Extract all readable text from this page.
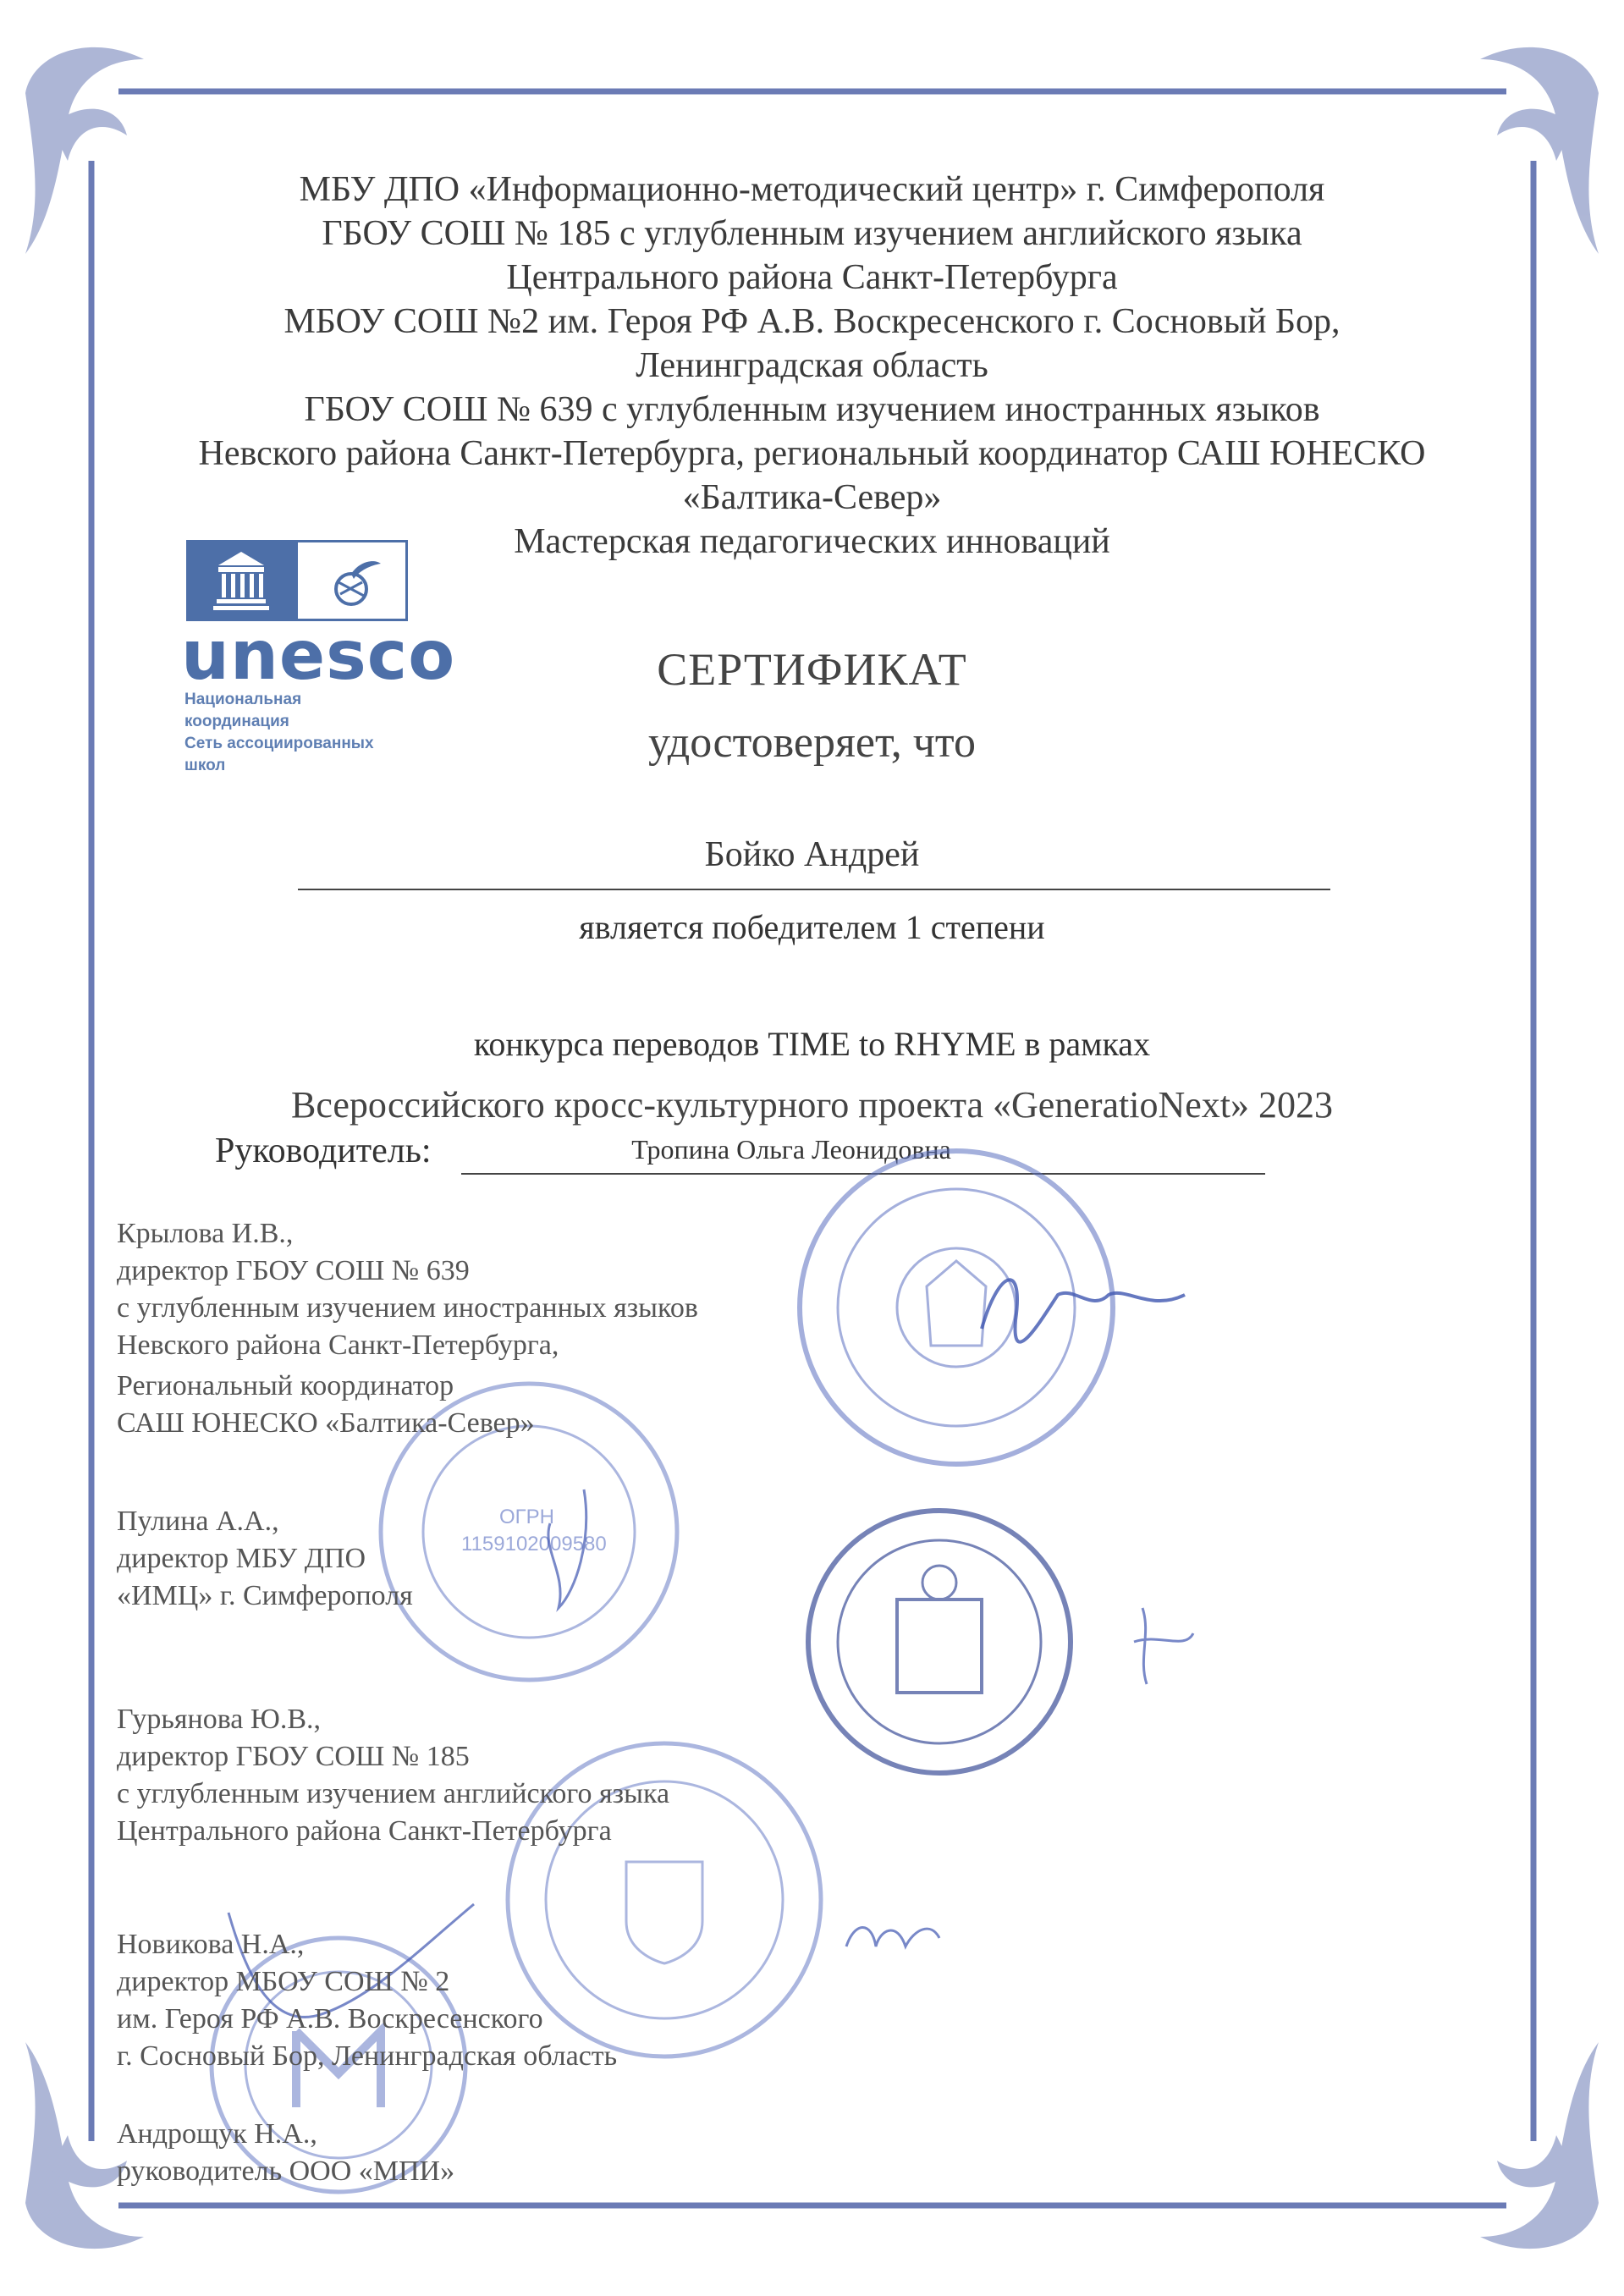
МБУ ДПО «Информационно-методический центр» г. Симферополя
ГБОУ СОШ № 185 с углубленным изучением английского языка
Центрального района Санкт-Петербурга
МБОУ СОШ №2 им. Героя РФ А.В. Воскресенского г. Сосновый Бор,
Ленинградская область
ГБОУ СОШ № 639 с углубленным изучением иностранных языков
Невского района Санкт-Петербурга, региональный координатор САШ ЮНЕСКО
«Балтика-Север»
Мастерская педагогических инноваций
unesco
Национальная
координация
Сеть ассоциированных
школ
СЕРТИФИКАТ
удостоверяет, что
Бойко Андрей
является победителем 1 степени
конкурса переводов TIME to RHYME в рамках
Всероссийского кросс-культурного проекта «GeneratioNext» 2023
Руководитель:	Тропина Ольга Леонидовна
ОГРН
1159102009580
Крылова И.В.,
директор ГБОУ СОШ № 639
с углубленным изучением иностранных языков
Невского района Санкт-Петербурга,
Региональный координатор
САШ ЮНЕСКО «Балтика-Север»
Пулина А.А.,
директор МБУ ДПО
«ИМЦ» г. Симферополя
Гурьянова Ю.В.,
директор ГБОУ СОШ № 185
с углубленным изучением английского языка
Центрального района Санкт-Петербурга
Новикова Н.А.,
директор МБОУ СОШ № 2
им. Героя РФ А.В. Воскресенского
г. Сосновый Бор, Ленинградская область
Андрощук Н.А.,
руководитель ООО «МПИ»
